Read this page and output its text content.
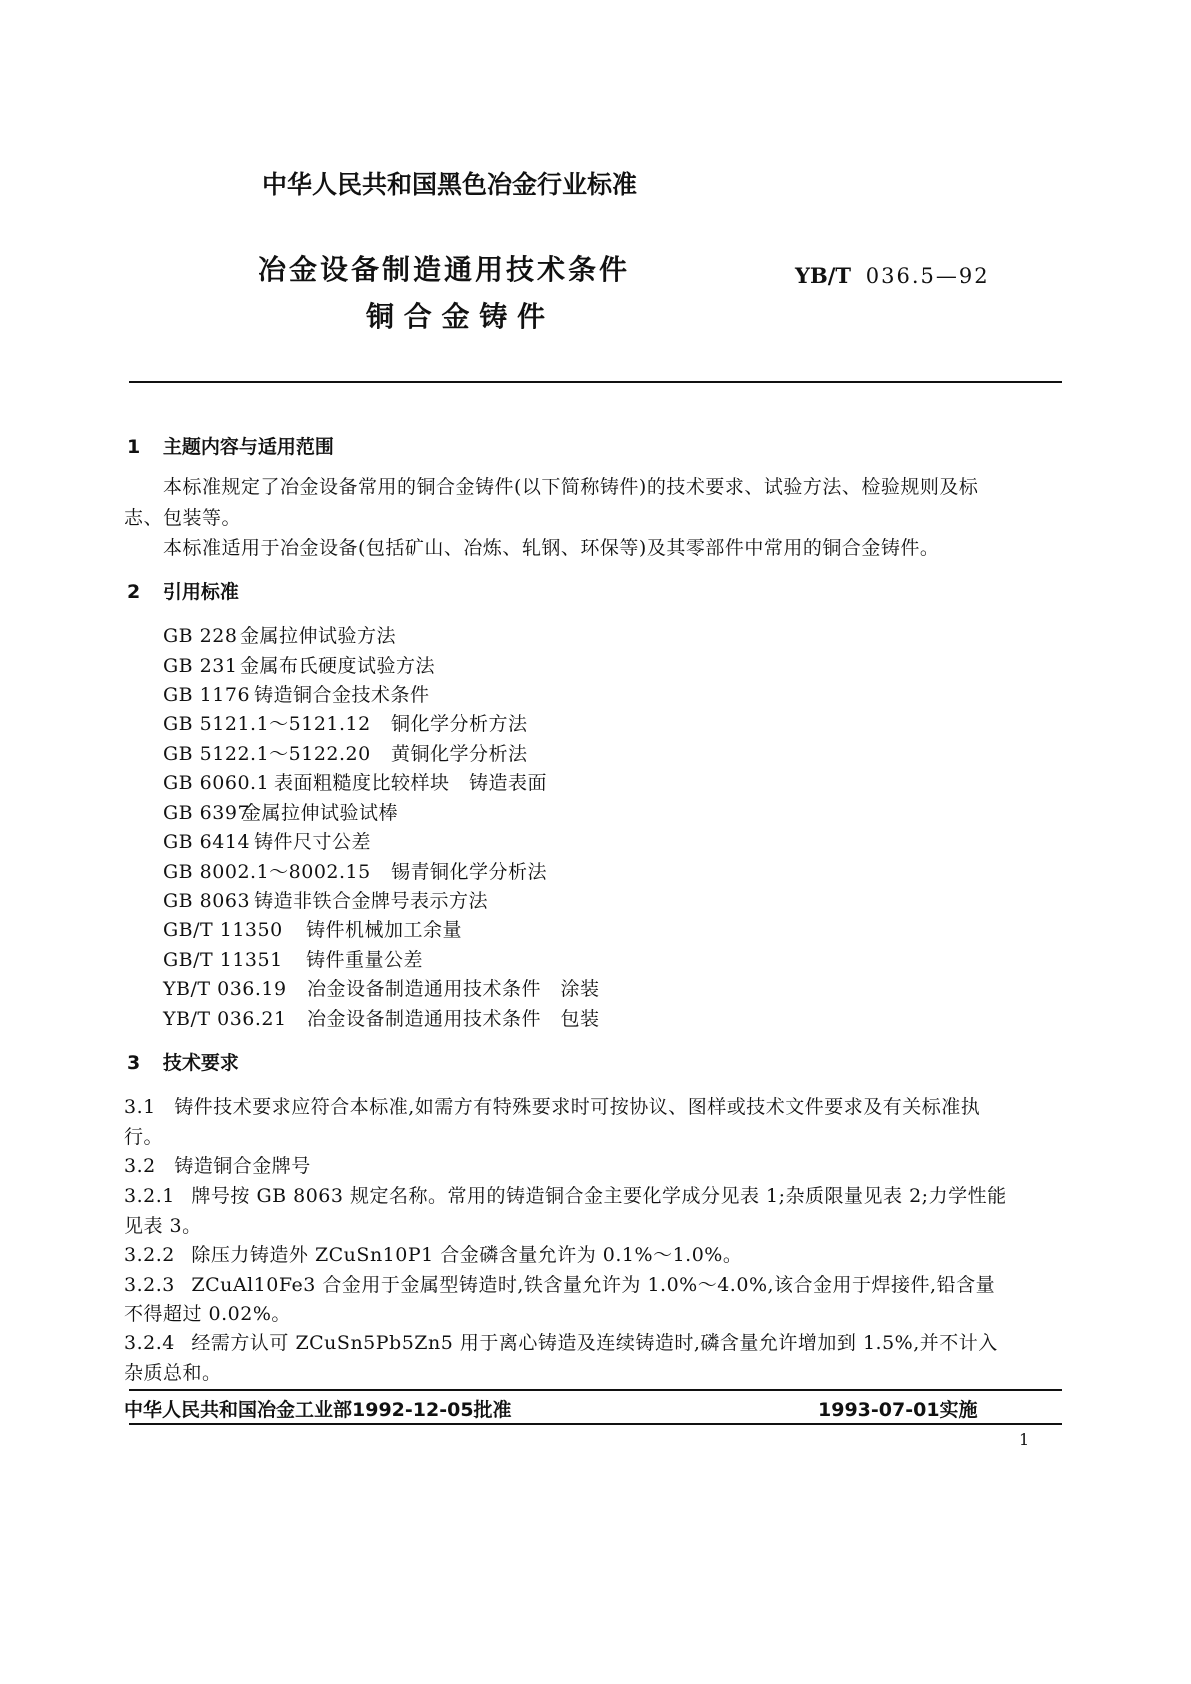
中华人民共和国黑色冶金行业标准
冶金设备制造通用技术条件
铜 合 金 铸 件
YB/T 036.5—92
1 主题内容与适用范围
本标准规定了冶金设备常用的铜合金铸件(以下简称铸件)的技术要求、试验方法、检验规则及标
志、包装等。
本标准适用于冶金设备(包括矿山、冶炼、轧钢、环保等)及其零部件中常用的铜合金铸件。
2 引用标准
GB 228 金属拉伸试验方法
GB 231 金属布氏硬度试验方法
GB 1176 铸造铜合金技术条件
GB 5121.1～5121.12 铜化学分析方法
GB 5122.1～5122.20 黄铜化学分析法
GB 6060.1 表面粗糙度比较样块　铸造表面
GB 6397金属拉伸试验试棒
GB 6414 铸件尺寸公差
GB 8002.1～8002.15 锡青铜化学分析法
GB 8063 铸造非铁合金牌号表示方法
GB/T 11350 铸件机械加工余量
GB/T 11351 铸件重量公差
YB/T 036.19 冶金设备制造通用技术条件　涂装
YB/T 036.21 冶金设备制造通用技术条件　包装
3 技术要求
3.1 铸件技术要求应符合本标准,如需方有特殊要求时可按协议、图样或技术文件要求及有关标准执
行。
3.2 铸造铜合金牌号
3.2.1 牌号按 GB 8063 规定名称。常用的铸造铜合金主要化学成分见表 1;杂质限量见表 2;力学性能
见表 3。
3.2.2 除压力铸造外 ZCuSn10P1 合金磷含量允许为 0.1%～1.0%。
3.2.3 ZCuAl10Fe3 合金用于金属型铸造时,铁含量允许为 1.0%～4.0%,该合金用于焊接件,铅含量
不得超过 0.02%。
3.2.4 经需方认可 ZCuSn5Pb5Zn5 用于离心铸造及连续铸造时,磷含量允许增加到 1.5%,并不计入
杂质总和。
中华人民共和国冶金工业部1992-12-05批准	1993-07-01实施
1
